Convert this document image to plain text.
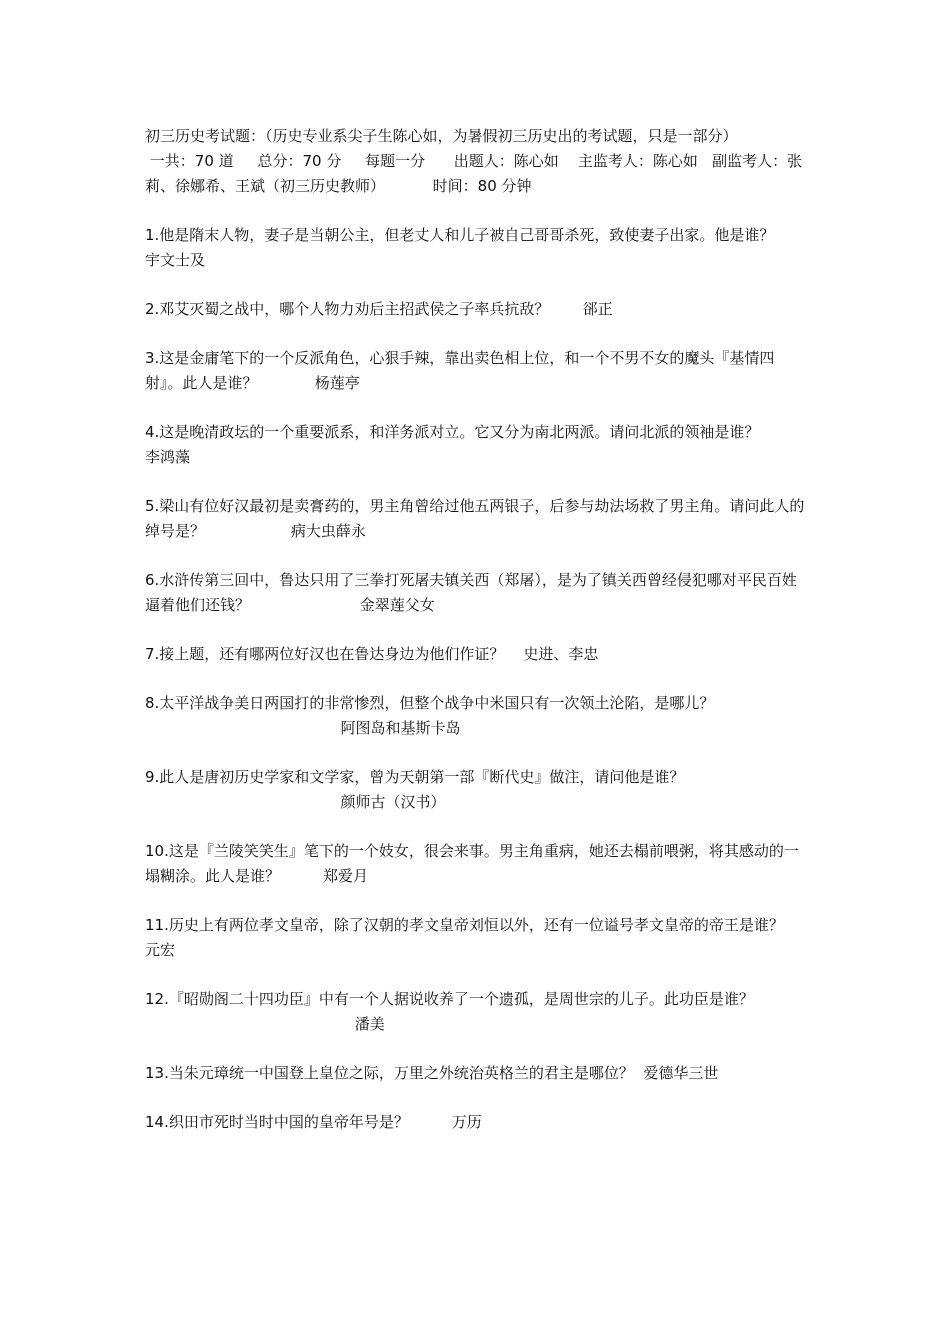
初三历史考试题：（历史专业系尖子生陈心如，为暑假初三历史出的考试题，只是一部分）

一共：70 道     总分：70 分     每题一分      出题人：陈心如    主监考人：陈心如   副监考人：张莉、徐娜希、王斌（初三历史教师）          时间：80 分钟

1.他是隋末人物，妻子是当朝公主，但老丈人和儿子被自己哥哥杀死，致使妻子出家。他是谁？                               宇文士及

2.邓艾灭蜀之战中，哪个人物力劝后主招武侯之子率兵抗敌？ 郤正

3.这是金庸笔下的一个反派角色，心狠手辣，靠出卖色相上位，和一个不男不女的魔头『基情四射』。此人是谁？	杨莲亭

4.这是晚清政坛的一个重要派系，和洋务派对立。它又分为南北两派。请问北派的领袖是谁？                              李鸿藻

5.梁山有位好汉最初是卖膏药的，男主角曾给过他五两银子，后参与劫法场救了男主角。请问此人的绰号是？	病大虫薛永

6.水浒传第三回中，鲁达只用了三拳打死屠夫镇关西（郑屠），是为了镇关西曾经侵犯哪对平民百姓逼着他们还钱？	金翠莲父女

7.接上题，还有哪两位好汉也在鲁达身边为他们作证？ 史进、李忠

8.太平洋战争美日两国打的非常惨烈，但整个战争中米国只有一次领土沦陷，是哪儿？
阿图岛和基斯卡岛

9.此人是唐初历史学家和文学家，曾为天朝第一部『断代史』做注，请问他是谁？
颜师古（汉书）

10.这是『兰陵笑笑生』笔下的一个妓女，很会来事。男主角重病，她还去榻前喂粥，将其感动的一塌糊涂。此人是谁？	郑爱月

11.历史上有两位孝文皇帝，除了汉朝的孝文皇帝刘恒以外，还有一位谥号孝文皇帝的帝王是谁？                              元宏

12.『昭勋阁二十四功臣』中有一个人据说收养了一个遗孤，是周世宗的儿子。此功臣是谁？
潘美

13.当朱元璋统一中国登上皇位之际，万里之外统治英格兰的君主是哪位？ 爱德华三世

14.织田市死时当时中国的皇帝年号是？	万历
